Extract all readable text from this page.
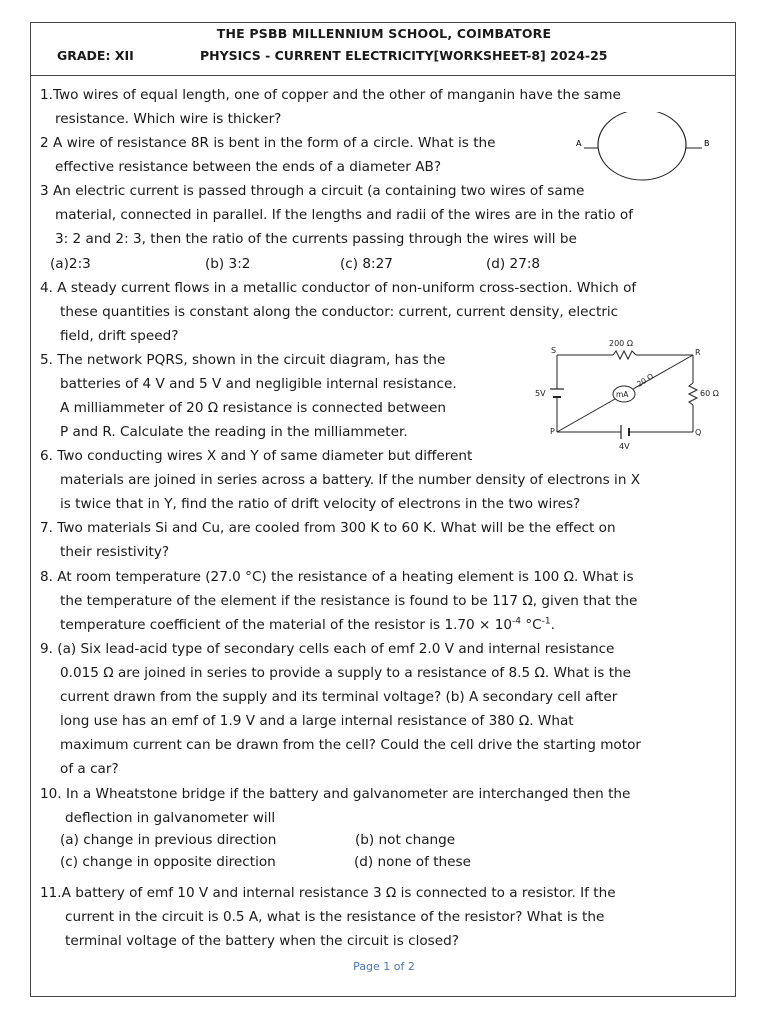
THE PSBB MILLENNIUM SCHOOL, COIMBATORE
GRADE: XII	PHYSICS - CURRENT ELECTRICITY[WORKSHEET-8] 2024-25
1.Two wires of equal length, one of copper and the other of manganin have the same
resistance. Which wire is thicker?
2 A wire of resistance 8R is bent in the form of a circle. What is the
effective resistance between the ends of a diameter AB?
3 An electric current is passed through a circuit (a containing two wires of same
material, connected in parallel. If the lengths and radii of the wires are in the ratio of
3: 2 and 2: 3, then the ratio of the currents passing through the wires will be
(a)2:3	(b) 3:2	(c) 8:27	(d) 27:8
4. A steady current flows in a metallic conductor of non-uniform cross-section. Which of
these quantities is constant along the conductor: current, current density, electric
field, drift speed?
5. The network PQRS, shown in the circuit diagram, has the
batteries of 4 V and 5 V and negligible internal resistance.
A milliammeter of 20 Ω resistance is connected between
P and R. Calculate the reading in the milliammeter.
6. Two conducting wires X and Y of same diameter but different
materials are joined in series across a battery. If the number density of electrons in X
is twice that in Y, find the ratio of drift velocity of electrons in the two wires?
7. Two materials Si and Cu, are cooled from 300 K to 60 K. What will be the effect on
their resistivity?
8. At room temperature (27.0 °C) the resistance of a heating element is 100 Ω. What is
the temperature of the element if the resistance is found to be 117 Ω, given that the
temperature coefficient of the material of the resistor is $1.70 \times 10^{-4}$ $^\circ C^{-1}$.
9. (a) Six lead-acid type of secondary cells each of emf 2.0 V and internal resistance
0.015 Ω are joined in series to provide a supply to a resistance of 8.5 Ω. What is the
current drawn from the supply and its terminal voltage? (b) A secondary cell after
long use has an emf of 1.9 V and a large internal resistance of 380 Ω. What
maximum current can be drawn from the cell? Could the cell drive the starting motor
of a car?
10. In a Wheatstone bridge if the battery and galvanometer are interchanged then the
deflection in galvanometer will
(a) change in previous direction	(b) not change
(c) change in opposite direction	(d) none of these
11.A battery of emf 10 V and internal resistance 3 Ω is connected to a resistor. If the
current in the circuit is 0.5 A, what is the resistance of the resistor? What is the
terminal voltage of the battery when the circuit is closed?
A	B
S	R
P	Q
200 Ω
60 Ω
5V
4V
mA
20 Ω
Page 1 of 2
